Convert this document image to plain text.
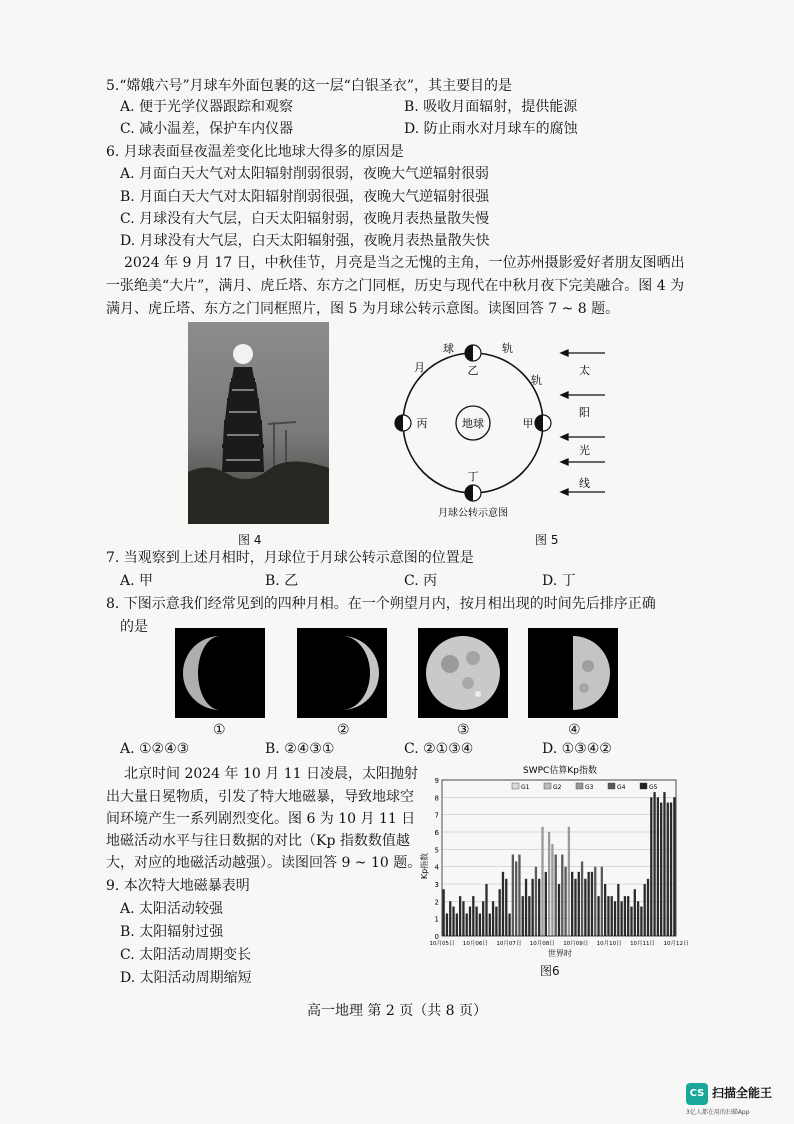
5.“嫦娥六号”月球车外面包裹的这一层“白银圣衣”，其主要目的是
A. 便于光学仪器跟踪和观察	B. 吸收月面辐射，提供能源
C. 减小温差，保护车内仪器	D. 防止雨水对月球车的腐蚀
6. 月球表面昼夜温差变化比地球大得多的原因是
A. 月面白天大气对太阳辐射削弱很弱，夜晚大气逆辐射很弱
B. 月面白天大气对太阳辐射削弱很强，夜晚大气逆辐射很强
C. 月球没有大气层，白天太阳辐射弱，夜晚月表热量散失慢
D. 月球没有大气层，白天太阳辐射强，夜晚月表热量散失快
2024 年 9 月 17 日，中秋佳节，月亮是当之无愧的主角，一位苏州摄影爱好者朋友图晒出
一张绝美“大片”，满月、虎丘塔、东方之门同框，历史与现代在中秋月夜下完美融合。图 4 为
满月、虎丘塔、东方之门同框照片，图 5 为月球公转示意图。读图回答 7 ~ 8 题。
图 4
地球	甲
乙
丙
丁
球	轨
月
轨
月球公转示意图
太
阳
光
线
图 5
7. 当观察到上述月相时，月球位于月球公转示意图的位置是
A. 甲	B. 乙	C. 丙	D. 丁
8. 下图示意我们经常见到的四种月相。在一个朔望月内，按月相出现的时间先后排序正确
的是
①	②	③	④
A. ①②④③	B. ②④③①	C. ②①③④	D. ①③④②
北京时间 2024 年 10 月 11 日凌晨，太阳抛射
出大量日冕物质，引发了特大地磁暴，导致地球空
间环境产生一系列剧烈变化。图 6 为 10 月 11 日
地磁活动水平与往日数据的对比（Kp 指数数值越
大，对应的地磁活动越强）。读图回答 9 ~ 10 题。
9. 本次特大地磁暴表明
A. 太阳活动较强
B. 太阳辐射过强
C. 太阳活动周期变长
D. 太阳活动周期缩短
SWPC估算Kp指数
Kp指数
世界时
0
1
2
3
4
5
6
7
8
9
10月05日 10月06日 10月07日 10月08日 10月09日 10月10日 10月11日 10月12日
G1	G2	G3	G4	G5
图6
高一地理 第 2 页（共 8 页）
CS 扫描全能王
3亿人都在用的扫描App
